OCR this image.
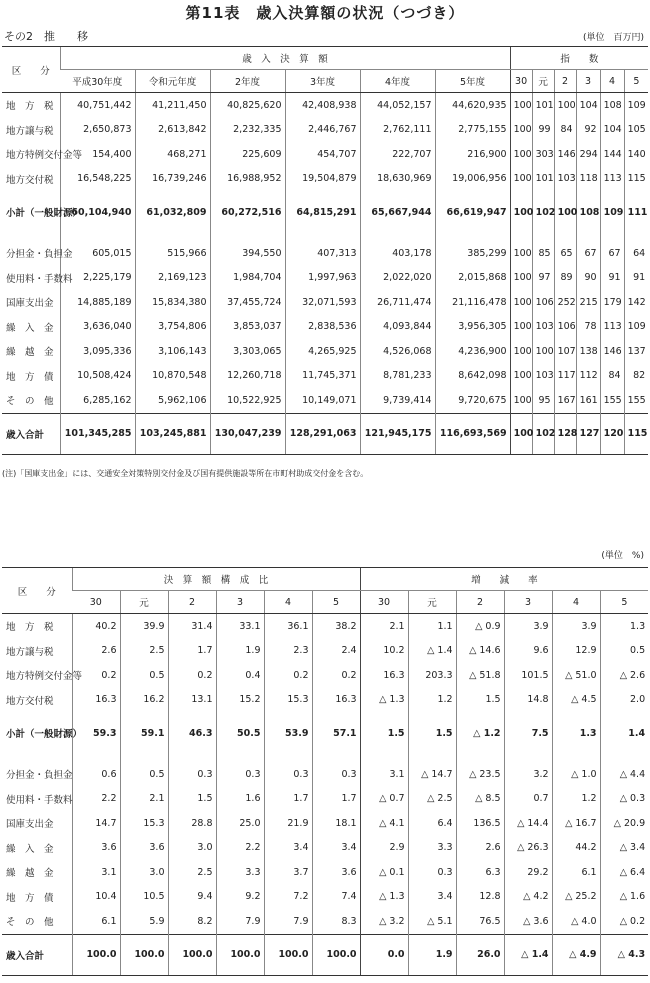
第11表　歳入決算額の状況（つづき）
その2　推　　移	(単位　百万円)
区　　分	歳　入　決　算　額						指　　数					
	平成30年度	令和元年度	2年度	3年度	4年度	5年度	30	元	2	3	4	5
地　方　税	40,751,442	41,211,450	40,825,620	42,408,938	44,052,157	44,620,935	100	101	100	104	108	109
地方譲与税	2,650,873	2,613,842	2,232,335	2,446,767	2,762,111	2,775,155	100	99	84	92	104	105
地方特例交付金等	154,400	468,271	225,609	454,707	222,707	216,900	100	303	146	294	144	140
地方交付税	16,548,225	16,739,246	16,988,952	19,504,879	18,630,969	19,006,956	100	101	103	118	113	115
小計（一般財源）	60,104,940	61,032,809	60,272,516	64,815,291	65,667,944	66,619,947	100	102	100	108	109	111

分担金・負担金	605,015	515,966	394,550	407,313	403,178	385,299	100	85	65	67	67	64
使用料・手数料	2,225,179	2,169,123	1,984,704	1,997,963	2,022,020	2,015,868	100	97	89	90	91	91
国庫支出金	14,885,189	15,834,380	37,455,724	32,071,593	26,711,474	21,116,478	100	106	252	215	179	142
繰　入　金	3,636,040	3,754,806	3,853,037	2,838,536	4,093,844	3,956,305	100	103	106	78	113	109
繰　越　金	3,095,336	3,106,143	3,303,065	4,265,925	4,526,068	4,236,900	100	100	107	138	146	137
地　方　債	10,508,424	10,870,548	12,260,718	11,745,371	8,781,233	8,642,098	100	103	117	112	84	82
そ　の　他	6,285,162	5,962,106	10,522,925	10,149,071	9,739,414	9,720,675	100	95	167	161	155	155
歳入合計	101,345,285	103,245,881	130,047,239	128,291,063	121,945,175	116,693,569	100	102	128	127	120	115
(注)「国庫支出金」には、交通安全対策特別交付金及び国有提供施設等所在市町村助成交付金を含む。
(単位　%)
区　　分	決　算　額　構　成　比						増　　減　　率					
	30	元	2	3	4	5	30	元	2	3	4	5
地　方　税	40.2	39.9	31.4	33.1	36.1	38.2	2.1	1.1	△ 0.9	3.9	3.9	1.3
地方譲与税	2.6	2.5	1.7	1.9	2.3	2.4	10.2	△ 1.4	△ 14.6	9.6	12.9	0.5
地方特例交付金等	0.2	0.5	0.2	0.4	0.2	0.2	16.3	203.3	△ 51.8	101.5	△ 51.0	△ 2.6
地方交付税	16.3	16.2	13.1	15.2	15.3	16.3	△ 1.3	1.2	1.5	14.8	△ 4.5	2.0
小計（一般財源）	59.3	59.1	46.3	50.5	53.9	57.1	1.5	1.5	△ 1.2	7.5	1.3	1.4

分担金・負担金	0.6	0.5	0.3	0.3	0.3	0.3	3.1	△ 14.7	△ 23.5	3.2	△ 1.0	△ 4.4
使用料・手数料	2.2	2.1	1.5	1.6	1.7	1.7	△ 0.7	△ 2.5	△ 8.5	0.7	1.2	△ 0.3
国庫支出金	14.7	15.3	28.8	25.0	21.9	18.1	△ 4.1	6.4	136.5	△ 14.4	△ 16.7	△ 20.9
繰　入　金	3.6	3.6	3.0	2.2	3.4	3.4	2.9	3.3	2.6	△ 26.3	44.2	△ 3.4
繰　越　金	3.1	3.0	2.5	3.3	3.7	3.6	△ 0.1	0.3	6.3	29.2	6.1	△ 6.4
地　方　債	10.4	10.5	9.4	9.2	7.2	7.4	△ 1.3	3.4	12.8	△ 4.2	△ 25.2	△ 1.6
そ　の　他	6.1	5.9	8.2	7.9	7.9	8.3	△ 3.2	△ 5.1	76.5	△ 3.6	△ 4.0	△ 0.2
歳入合計	100.0	100.0	100.0	100.0	100.0	100.0	0.0	1.9	26.0	△ 1.4	△ 4.9	△ 4.3
